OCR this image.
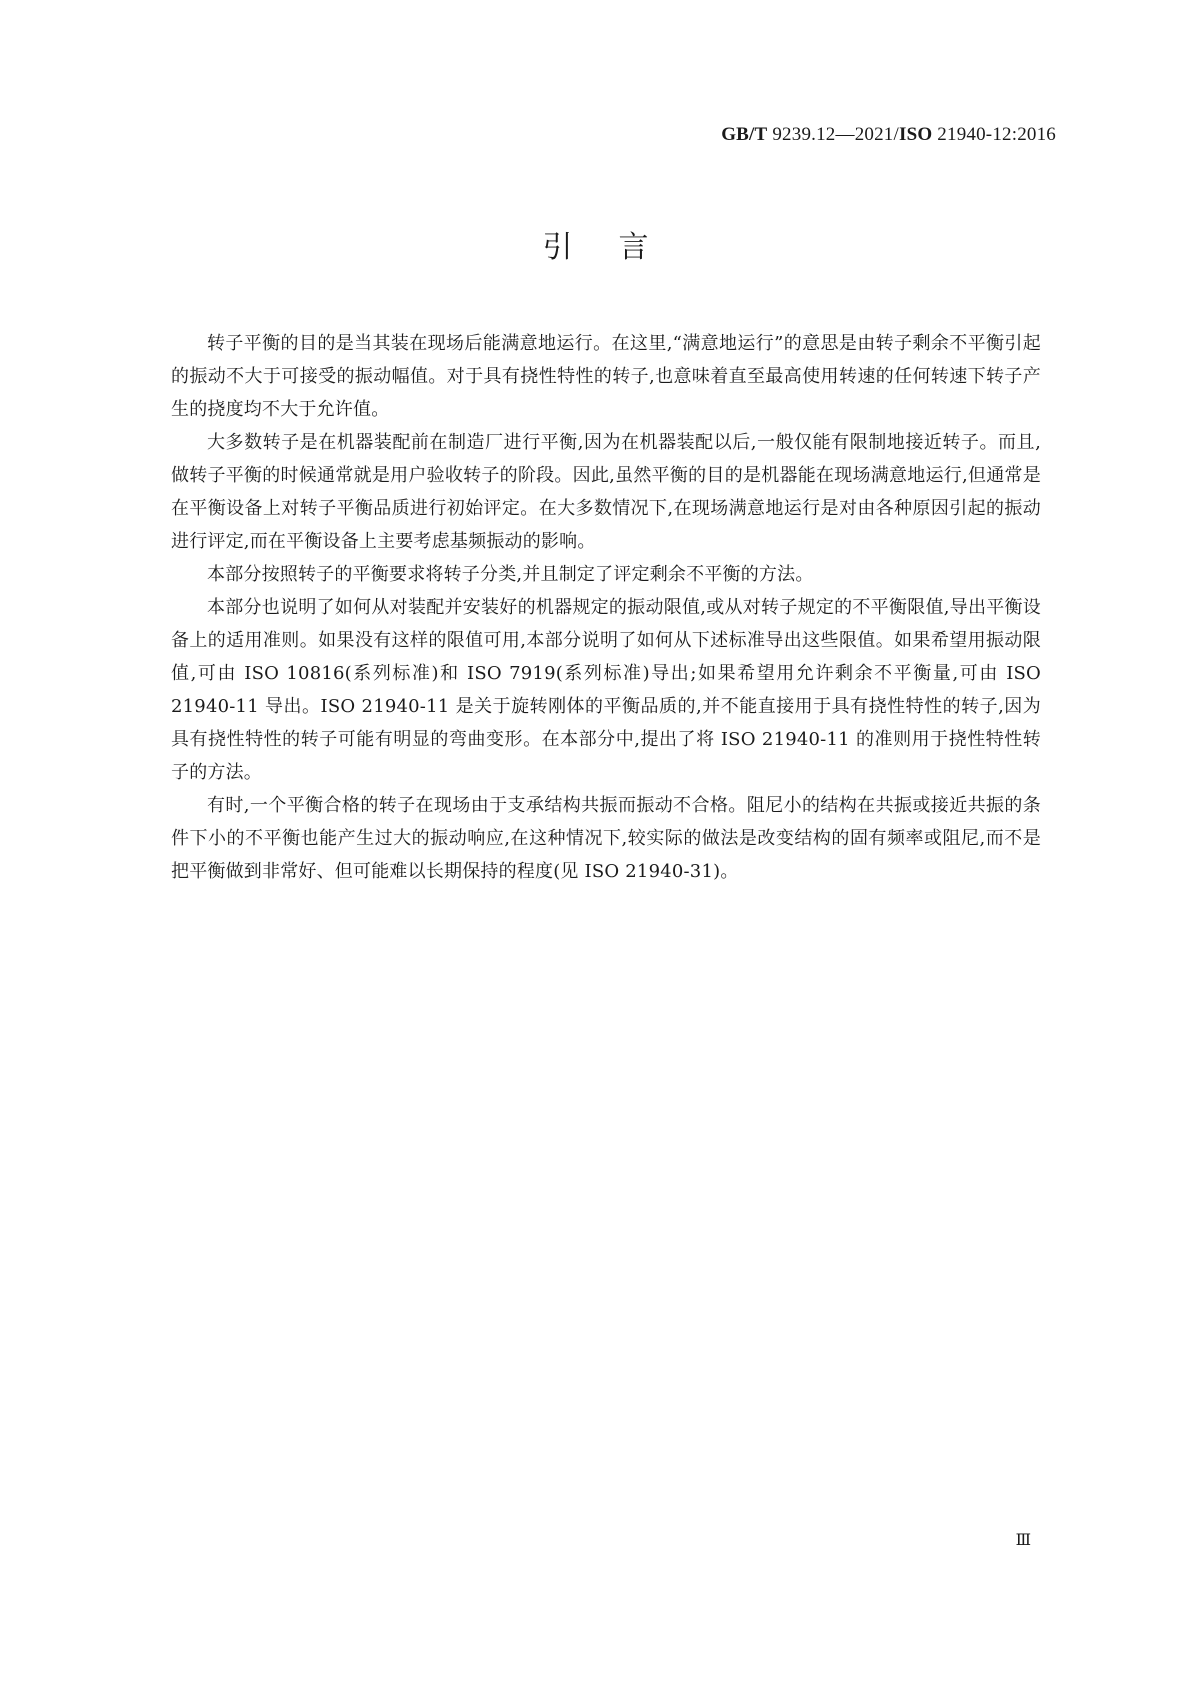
GB/T 9239.12—2021/ISO 21940-12:2016
引言

转子平衡的目的是当其装在现场后能满意地运行。在这里,“满意地运行”的意思是由转子剩余不平衡引起的振动不大于可接受的振动幅值。对于具有挠性特性的转子,也意味着直至最高使用转速的任何转速下转子产生的挠度均不大于允许值。

大多数转子是在机器装配前在制造厂进行平衡,因为在机器装配以后,一般仅能有限制地接近转子。而且,做转子平衡的时候通常就是用户验收转子的阶段。因此,虽然平衡的目的是机器能在现场满意地运行,但通常是在平衡设备上对转子平衡品质进行初始评定。在大多数情况下,在现场满意地运行是对由各种原因引起的振动进行评定,而在平衡设备上主要考虑基频振动的影响。

本部分按照转子的平衡要求将转子分类,并且制定了评定剩余不平衡的方法。

本部分也说明了如何从对装配并安装好的机器规定的振动限值,或从对转子规定的不平衡限值,导出平衡设备上的适用准则。如果没有这样的限值可用,本部分说明了如何从下述标准导出这些限值。如果希望用振动限值,可由 ISO 10816(系列标准)和 ISO 7919(系列标准)导出;如果希望用允许剩余不平衡量,可由 ISO 21940-11 导出。ISO 21940-11 是关于旋转刚体的平衡品质的,并不能直接用于具有挠性特性的转子,因为具有挠性特性的转子可能有明显的弯曲变形。在本部分中,提出了将 ISO 21940-11 的准则用于挠性特性转子的方法。

有时,一个平衡合格的转子在现场由于支承结构共振而振动不合格。阻尼小的结构在共振或接近共振的条件下小的不平衡也能产生过大的振动响应,在这种情况下,较实际的做法是改变结构的固有频率或阻尼,而不是把平衡做到非常好、但可能难以长期保持的程度(见 ISO 21940-31)。

Ⅲ
